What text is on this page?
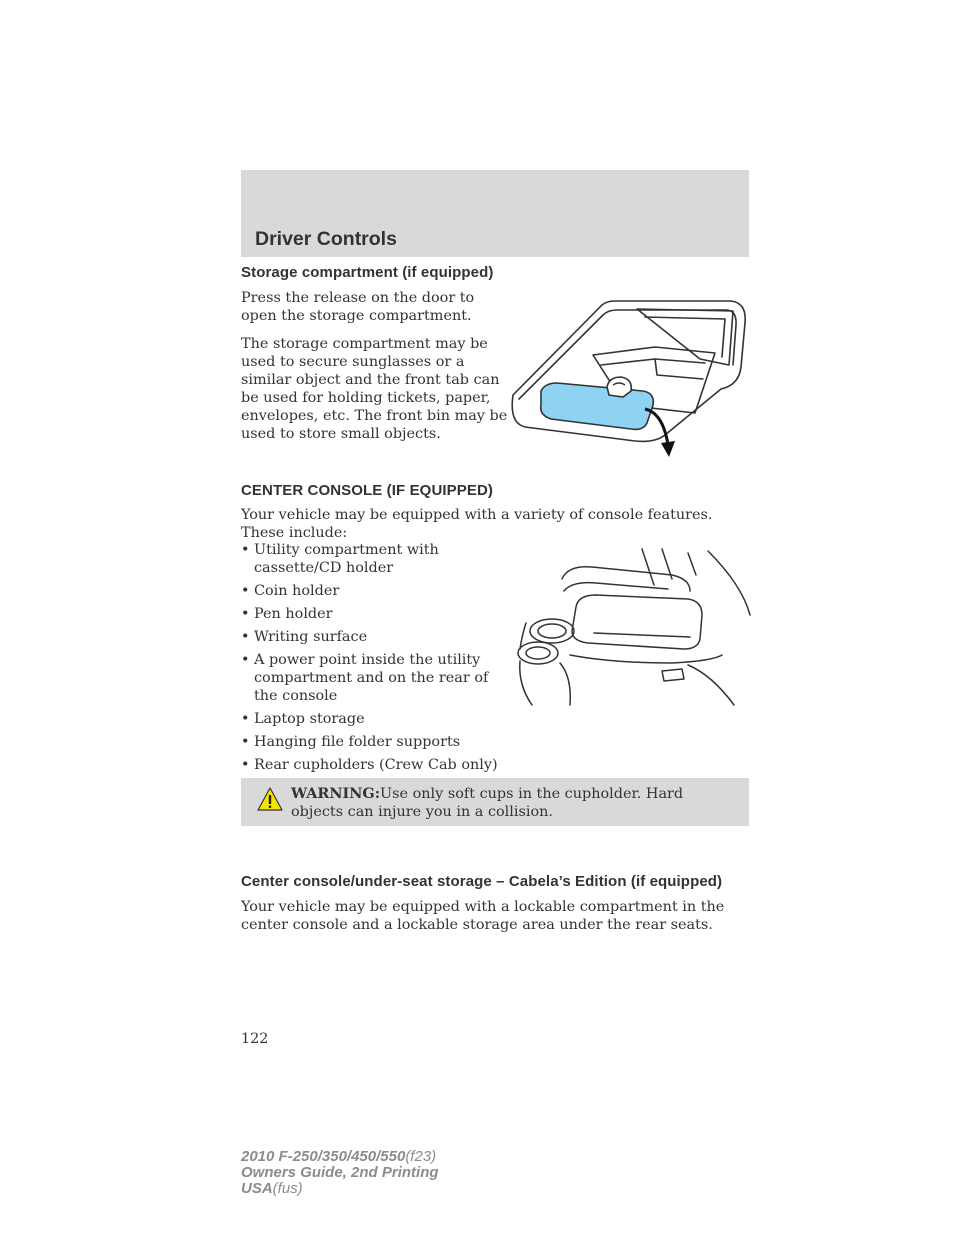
Driver Controls
Storage compartment (if equipped)

Press the release on the door to open the storage compartment.

The storage compartment may be used to secure sunglasses or a similar object and the front tab can be used for holding tickets, paper, envelopes, etc. The front bin may be used to store small objects.

CENTER CONSOLE (IF EQUIPPED)
Your vehicle may be equipped with a variety of console features. These include:
• Utility compartment with cassette/CD holder
• Coin holder
• Pen holder
• Writing surface
• A power point inside the utility compartment and on the rear of the console
• Laptop storage
• Hanging file folder supports
• Rear cupholders (Crew Cab only)
WARNING:Use only soft cups in the cupholder. Hard objects can injure you in a collision.
Center console/under-seat storage – Cabela’s Edition (if equipped)
Your vehicle may be equipped with a lockable compartment in the center console and a lockable storage area under the rear seats.
122
2010 F-250/350/450/550(f23)
Owners Guide, 2nd Printing
USA(fus)
